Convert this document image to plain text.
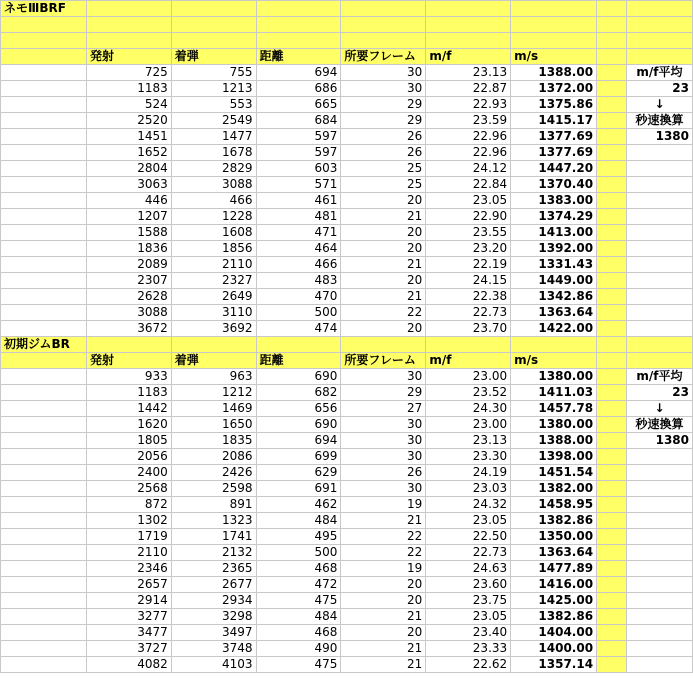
ネモⅢBRF								

	発射	着弾	距離	所要フレーム	m/f	m/s		
	725	755	694	30	23.13	1388.00		m/f平均
	1183	1213	686	30	22.87	1372.00		23
	524	553	665	29	22.93	1375.86		↓
	2520	2549	684	29	23.59	1415.17		秒速換算
	1451	1477	597	26	22.96	1377.69		1380
	1652	1678	597	26	22.96	1377.69		
	2804	2829	603	25	24.12	1447.20		
	3063	3088	571	25	22.84	1370.40		
	446	466	461	20	23.05	1383.00		
	1207	1228	481	21	22.90	1374.29		
	1588	1608	471	20	23.55	1413.00		
	1836	1856	464	20	23.20	1392.00		
	2089	2110	466	21	22.19	1331.43		
	2307	2327	483	20	24.15	1449.00		
	2628	2649	470	21	22.38	1342.86		
	3088	3110	500	22	22.73	1363.64		
	3672	3692	474	20	23.70	1422.00		
初期ジムBR								
	発射	着弾	距離	所要フレーム	m/f	m/s		
	933	963	690	30	23.00	1380.00		m/f平均
	1183	1212	682	29	23.52	1411.03		23
	1442	1469	656	27	24.30	1457.78		↓
	1620	1650	690	30	23.00	1380.00		秒速換算
	1805	1835	694	30	23.13	1388.00		1380
	2056	2086	699	30	23.30	1398.00		
	2400	2426	629	26	24.19	1451.54		
	2568	2598	691	30	23.03	1382.00		
	872	891	462	19	24.32	1458.95		
	1302	1323	484	21	23.05	1382.86		
	1719	1741	495	22	22.50	1350.00		
	2110	2132	500	22	22.73	1363.64		
	2346	2365	468	19	24.63	1477.89		
	2657	2677	472	20	23.60	1416.00		
	2914	2934	475	20	23.75	1425.00		
	3277	3298	484	21	23.05	1382.86		
	3477	3497	468	20	23.40	1404.00		
	3727	3748	490	21	23.33	1400.00		
	4082	4103	475	21	22.62	1357.14		
